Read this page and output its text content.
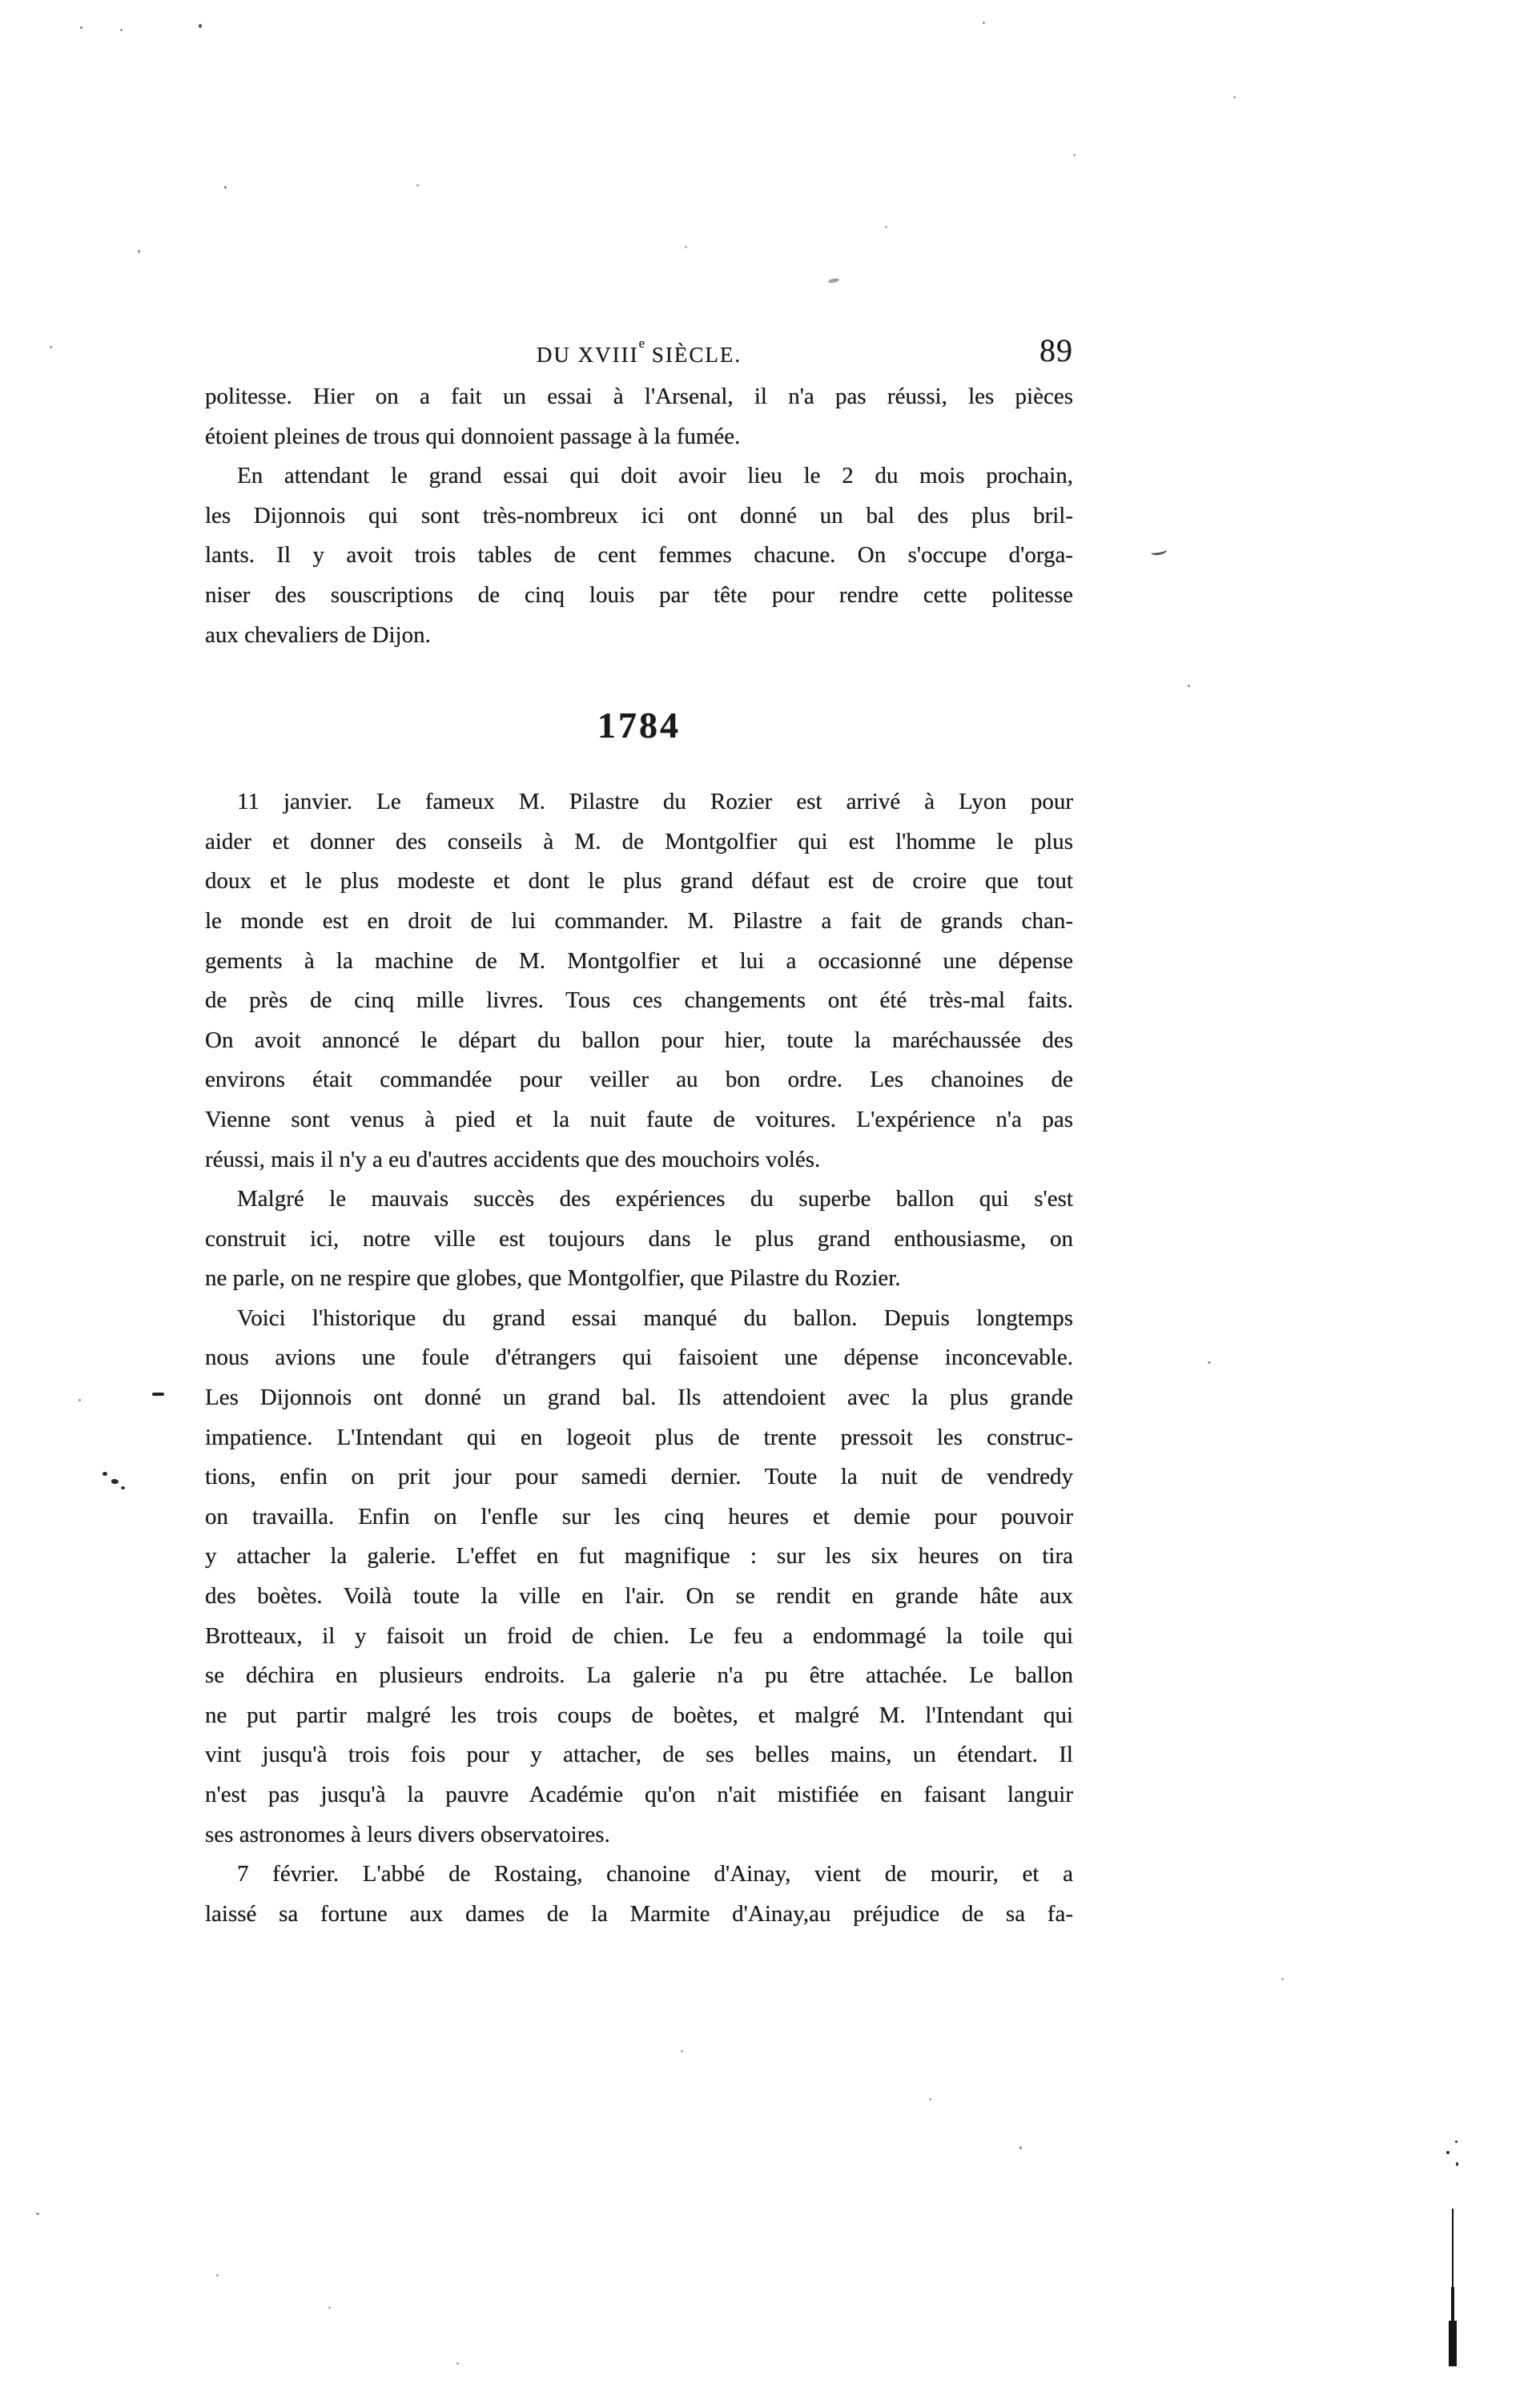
DU XVIIIe SIÈCLE.	89
politesse. Hier on a fait un essai à l'Arsenal, il n'a pas réussi, les pièces
étoient pleines de trous qui donnoient passage à la fumée.
En attendant le grand essai qui doit avoir lieu le 2 du mois prochain,
les Dijonnois qui sont très-nombreux ici ont donné un bal des plus bril-
lants. Il y avoit trois tables de cent femmes chacune. On s'occupe d'orga-
niser des souscriptions de cinq louis par tête pour rendre cette politesse
aux chevaliers de Dijon.
1784
11 janvier. Le fameux M. Pilastre du Rozier est arrivé à Lyon pour
aider et donner des conseils à M. de Montgolfier qui est l'homme le plus
doux et le plus modeste et dont le plus grand défaut est de croire que tout
le monde est en droit de lui commander. M. Pilastre a fait de grands chan-
gements à la machine de M. Montgolfier et lui a occasionné une dépense
de près de cinq mille livres. Tous ces changements ont été très-mal faits.
On avoit annoncé le départ du ballon pour hier, toute la maréchaussée des
environs était commandée pour veiller au bon ordre. Les chanoines de
Vienne sont venus à pied et la nuit faute de voitures. L'expérience n'a pas
réussi, mais il n'y a eu d'autres accidents que des mouchoirs volés.
Malgré le mauvais succès des expériences du superbe ballon qui s'est
construit ici, notre ville est toujours dans le plus grand enthousiasme, on
ne parle, on ne respire que globes, que Montgolfier, que Pilastre du Rozier.
Voici l'historique du grand essai manqué du ballon. Depuis longtemps
nous avions une foule d'étrangers qui faisoient une dépense inconcevable.
Les Dijonnois ont donné un grand bal. Ils attendoient avec la plus grande
impatience. L'Intendant qui en logeoit plus de trente pressoit les construc-
tions, enfin on prit jour pour samedi dernier. Toute la nuit de vendredy
on travailla. Enfin on l'enfle sur les cinq heures et demie pour pouvoir
y attacher la galerie. L'effet en fut magnifique : sur les six heures on tira
des boètes. Voilà toute la ville en l'air. On se rendit en grande hâte aux
Brotteaux, il y faisoit un froid de chien. Le feu a endommagé la toile qui
se déchira en plusieurs endroits. La galerie n'a pu être attachée. Le ballon
ne put partir malgré les trois coups de boètes, et malgré M. l'Intendant qui
vint jusqu'à trois fois pour y attacher, de ses belles mains, un étendart. Il
n'est pas jusqu'à la pauvre Académie qu'on n'ait mistifiée en faisant languir
ses astronomes à leurs divers observatoires.
7 février. L'abbé de Rostaing, chanoine d'Ainay, vient de mourir, et a
laissé sa fortune aux dames de la Marmite d'Ainay,au préjudice de sa fa-
